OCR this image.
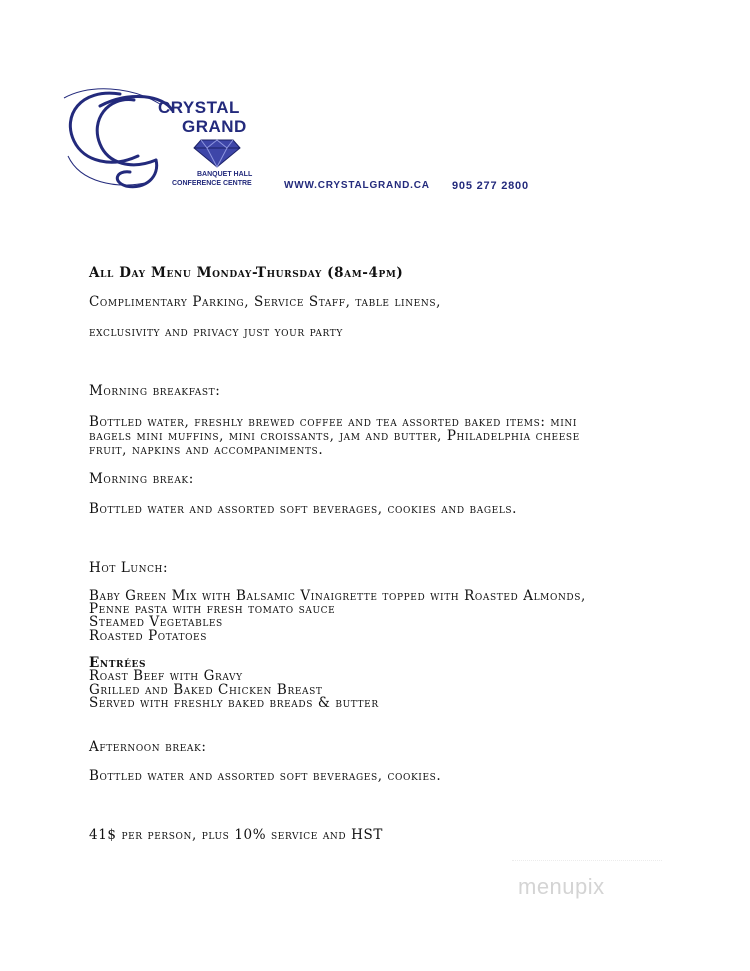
CRYSTAL
GRAND
BANQUET HALL
CONFERENCE CENTRE	WWW.CRYSTALGRAND.CA 905 277 2800
All Day Menu Monday-Thursday (8am-4pm)
Complimentary Parking, Service Staff, table linens,
exclusivity and privacy just your party
Morning breakfast:
Bottled water, freshly brewed coffee and tea assorted baked items: mini
bagels mini muffins, mini croissants, jam and butter, Philadelphia cheese
fruit, napkins and accompaniments.
Morning break:
Bottled water and assorted soft beverages, cookies and bagels.
Hot Lunch:
Baby Green Mix with Balsamic Vinaigrette topped with Roasted Almonds,
Penne pasta with fresh tomato sauce
Steamed Vegetables
Roasted Potatoes
Entrées
Roast Beef with Gravy
Grilled and Baked Chicken Breast
Served with freshly baked breads & butter
Afternoon break:
Bottled water and assorted soft beverages, cookies.
41$ per person, plus 10% service and HST
menupix
